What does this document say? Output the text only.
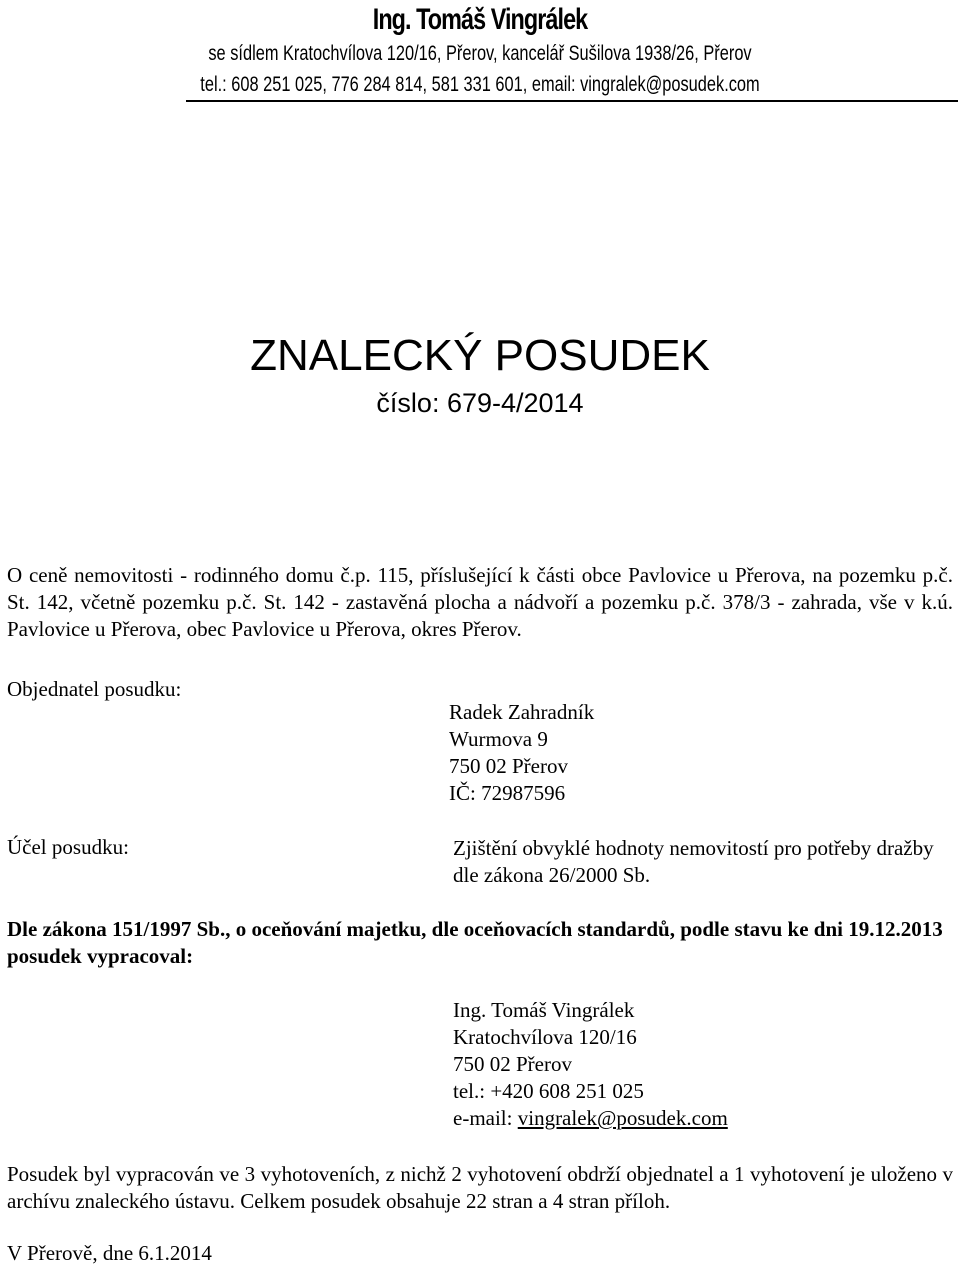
Ing. Tomáš Vingrálek
se sídlem Kratochvílova 120/16, Přerov, kancelář Sušilova 1938/26, Přerov
tel.: 608 251 025, 776 284 814, 581 331 601, email: vingralek@posudek.com
ZNALECKÝ POSUDEK
číslo: 679-4/2014

O ceně nemovitosti - rodinného domu č.p. 115, příslušející k části obce Pavlovice u Přerova, na pozemku p.č. St. 142, včetně pozemku p.č. St. 142 - zastavěná plocha a nádvoří a pozemku p.č. 378/3 - zahrada, vše v k.ú. Pavlovice u Přerova, obec Pavlovice u Přerova, okres Přerov.

Objednatel posudku:
Radek Zahradník
Wurmova 9
750 02 Přerov
IČ: 72987596
Účel posudku:	Zjištění obvyklé hodnoty nemovitostí pro potřeby dražby dle zákona 26/2000 Sb.

Dle zákona 151/1997 Sb., o oceňování majetku, dle oceňovacích standardů, podle stavu ke dni 19.12.2013 posudek vypracoval:

Ing. Tomáš Vingrálek
Kratochvílova 120/16
750 02 Přerov
tel.: +420 608 251 025
e-mail: vingralek@posudek.com

Posudek byl vypracován ve 3 vyhotoveních, z nichž 2 vyhotovení obdrží objednatel a 1 vyhotovení je uloženo v archívu znaleckého ústavu. Celkem posudek obsahuje 22 stran a 4 stran příloh.

V Přerově, dne 6.1.2014
